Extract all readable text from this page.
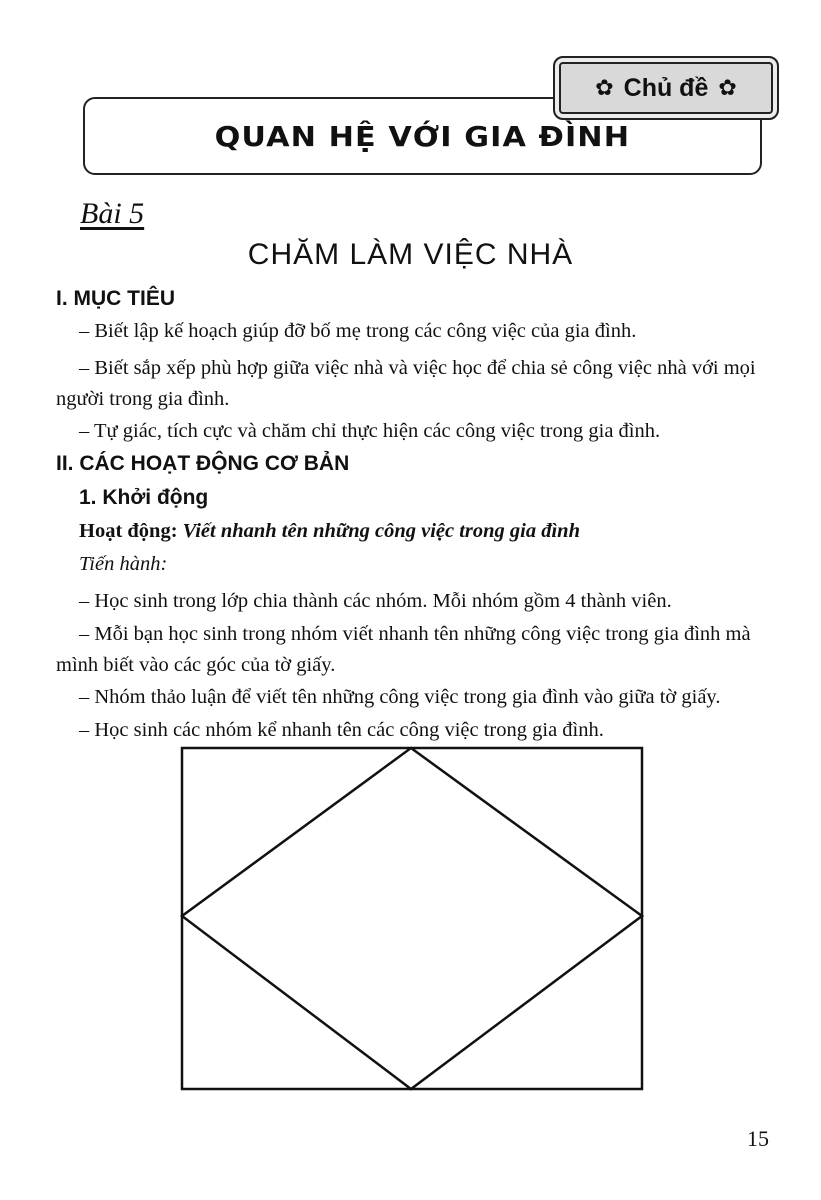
✿ Chủ đề ✿
QUAN HỆ VỚI GIA ĐÌNH
Bài 5
CHĂM LÀM VIỆC NHÀ
I. MỤC TIÊU

– Biết lập kế hoạch giúp đỡ bố mẹ trong các công việc của gia đình.

– Biết sắp xếp phù hợp giữa việc nhà và việc học để chia sẻ công việc nhà với mọi người trong gia đình.

– Tự giác, tích cực và chăm chỉ thực hiện các công việc trong gia đình.

II. CÁC HOẠT ĐỘNG CƠ BẢN
1. Khởi động
Hoạt động: Viết nhanh tên những công việc trong gia đình
Tiến hành:

– Học sinh trong lớp chia thành các nhóm. Mỗi nhóm gồm 4 thành viên.

– Mỗi bạn học sinh trong nhóm viết nhanh tên những công việc trong gia đình mà mình biết vào các góc của tờ giấy.

– Nhóm thảo luận để viết tên những công việc trong gia đình vào giữa tờ giấy.

– Học sinh các nhóm kể nhanh tên các công việc trong gia đình.

15
